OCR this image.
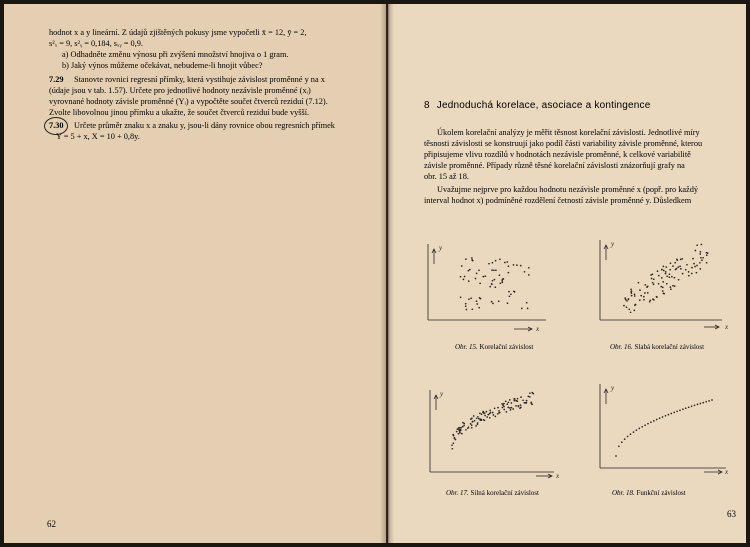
hodnot x a y lineární. Z údajů zjištěných pokusy jsme vypočetli x̄ = 12, ȳ = 2,
s²ₓ = 9, s²ᵧ = 0,184, sₓᵧ = 0,9.
a) Odhadněte změnu výnosu při zvýšení množství hnojiva o 1 gram.
b) Jaký výnos můžeme očekávat, nebudeme-li hnojit vůbec?
7.29 Stanovte rovnici regresní přímky, která vystihuje závislost proměnné y na x
(údaje jsou v tab. 1.57). Určete pro jednotlivé hodnoty nezávisle proměnné (xᵢ)
vyrovnané hodnoty závisle proměnné (Yᵢ) a vypočtěte součet čtverců reziduí (7.12).
Zvolte libovolnou jinou přímku a ukažte, že součet čtverců reziduí bude vyšší.
7.30 Určete průměr znaku x a znaku y, jsou-li dány rovnice obou regresních přímek
Y = 5 + x, X = 10 + 0,8y.
62
8 Jednoduchá korelace, asociace a kontingence
Úkolem korelační analýzy je měřit těsnost korelační závislosti. Jednotlivé míry
těsnosti závislosti se konstruují jako podíl části variability závisle proměnné, kterou
připisujeme vlivu rozdílů v hodnotách nezávisle proměnné, k celkové variabilitě
závisle proměnné. Případy různě těsné korelační závislosti znázorňují grafy na
obr. 15 až 18.
Uvažujme nejprve pro každou hodnotu nezávisle proměnné x (popř. pro každý
interval hodnot x) podmíněné rozdělení četností závisle proměnné y. Důsledkem
y
x
Obr. 15. Korelační závislost
y
x
Obr. 16. Slabá korelační závislost
y
x
Obr. 17. Silná korelační závislost
y
x
Obr. 18. Funkční závislost
63
